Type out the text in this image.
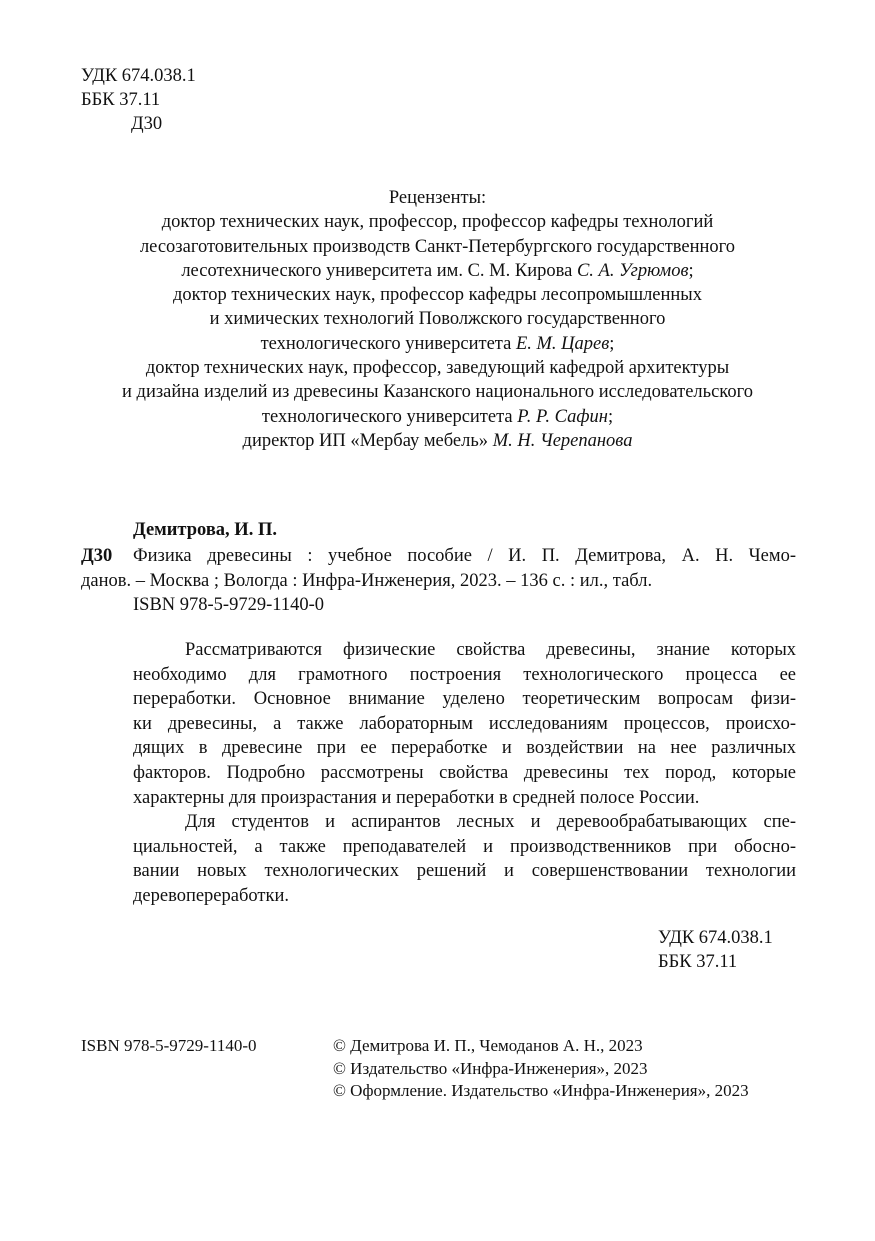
УДК 674.038.1
ББК 37.11
Д30
Рецензенты:
доктор технических наук, профессор, профессор кафедры технологий
лесозаготовительных производств Санкт-Петербургского государственного
лесотехнического университета им. С. М. Кирова С. А. Угрюмов;
доктор технических наук, профессор кафедры лесопромышленных
и химических технологий Поволжского государственного
технологического университета Е. М. Царев;
доктор технических наук, профессор, заведующий кафедрой архитектуры
и дизайна изделий из древесины Казанского национального исследовательского
технологического университета Р. Р. Сафин;
директор ИП «Мербау мебель» М. Н. Черепанова
Демитрова, И. П.
Д30 Физика древесины : учебное пособие / И. П. Демитрова, А. Н. Чемо-
данов. – Москва ; Вологда : Инфра-Инженерия, 2023. – 136 с. : ил., табл.
ISBN 978-5-9729-1140-0
Рассматриваются физические свойства древесины, знание которых
необходимо для грамотного построения технологического процесса ее
переработки. Основное внимание уделено теоретическим вопросам физи-
ки древесины, а также лабораторным исследованиям процессов, происхо-
дящих в древесине при ее переработке и воздействии на нее различных
факторов. Подробно рассмотрены свойства древесины тех пород, которые
характерны для произрастания и переработки в средней полосе России.
Для студентов и аспирантов лесных и деревообрабатывающих спе-
циальностей, а также преподавателей и производственников при обосно-
вании новых технологических решений и совершенствовании технологии
деревопереработки.
УДК 674.038.1
ББК 37.11
ISBN 978-5-9729-1140-0	© Демитрова И. П., Чемоданов А. Н., 2023
© Издательство «Инфра-Инженерия», 2023
© Оформление. Издательство «Инфра-Инженерия», 2023
